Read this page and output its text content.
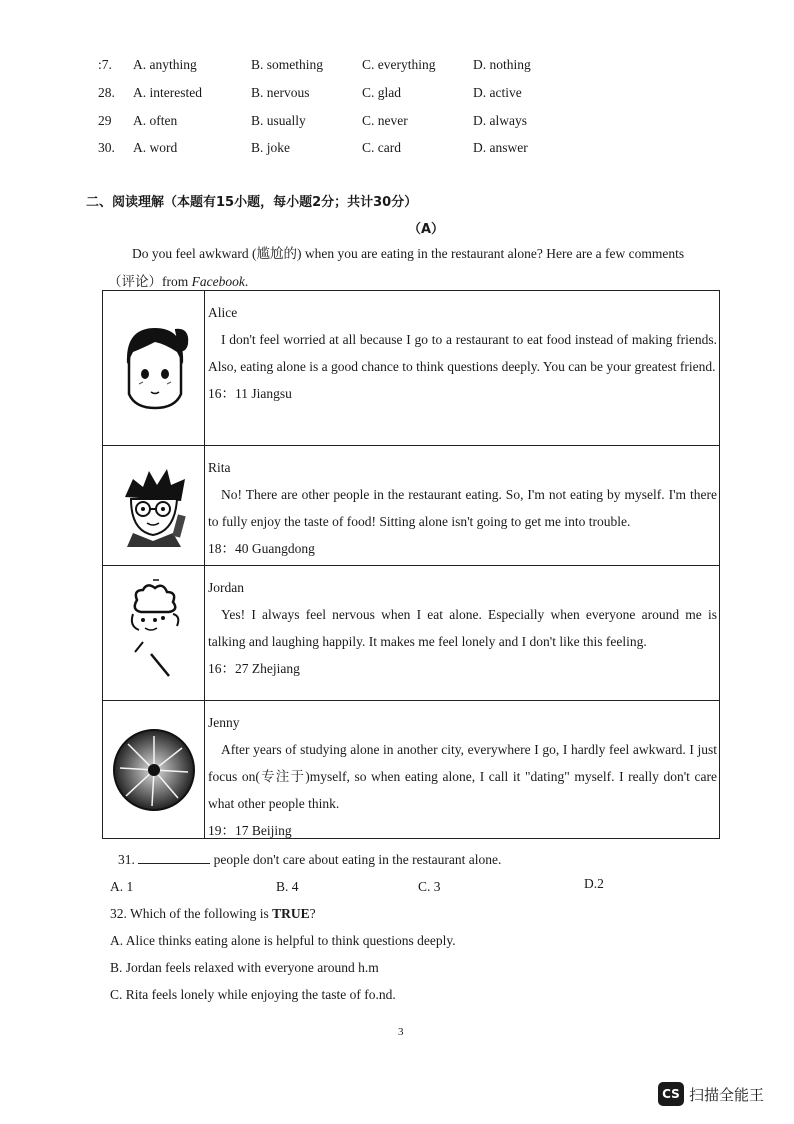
:7. A. anything	B. something	C. everything	D. nothing
28. A. interested	B. nervous	C. glad	D. active
29 A. often	B. usually	C. never	D. always
30. A. word	B. joke	C. card	D. answer
二、阅读理解（本题有15小题，每小题2分；共计30分）
（A）
Do you feel awkward (尴尬的) when you are eating in the restaurant alone? Here are a few comments
（评论）from Facebook.
Alice
I don't feel worried at all because I go to a restaurant to eat food instead of making friends. Also, eating alone is a good chance to think questions deeply. You can be your greatest friend.
16：11 Jiangsu
Rita
No! There are other people in the restaurant eating. So, I'm not eating by myself. I'm there to fully enjoy the taste of food! Sitting alone isn't going to get me into trouble.
18：40 Guangdong
Jordan
Yes! I always feel nervous when I eat alone. Especially when everyone around me is talking and laughing happily. It makes me feel lonely and I don't like this feeling.
16：27 Zhejiang
Jenny
After years of studying alone in another city, everywhere I go, I hardly feel awkward. I just focus on(专注于)myself, so when eating alone, I call it "dating" myself. I really don't care what other people think.
19：17 Beijing
31.	people don't care about eating in the restaurant alone.
A. 1	B. 4	C. 3	D.2
32. Which of the following is TRUE?
A. Alice thinks eating alone is helpful to think questions deeply.
B. Jordan feels relaxed with everyone around h.m
C. Rita feels lonely while enjoying the taste of fo.nd.
3
CS 扫描全能王
